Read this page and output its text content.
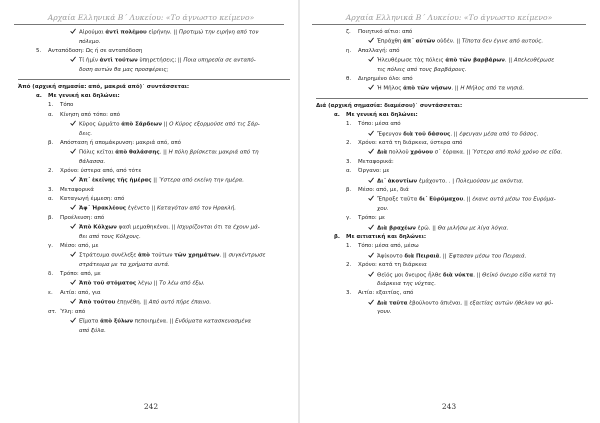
Αρχαία Ελληνικά Β΄ Λυκείου: «Το άγνωστο κείμενο»
Αἰρούμαι ἀντὶ πολέμου εἰρήνην. || Προτιμώ την ειρήνη από τον
πόλεμο.
5. Ανταπόδοση: Ως ή σε ανταπόδοση
Τί ἡμῖν ἀντὶ τούτων ὑπηρετήσεις; || Ποια υπηρεσία σε ανταπό-
δοση αυτών θα μας προσφέρεις;
Ἀπό (αρχική σημασία: από, μακριά από)˙ συντάσσεται:
α. Με γενική και δηλώνει:
1. Τόπο
α. Κίνηση από τόπο: από
Κῦρος ὡρμᾶτο ἀπὸ Σάρδεων || Ο Κύρος εξορμούσε από τις Σάρ-
δεις.
β. Απόσταση ή απομάκρυνση: μακριά από, από
Πόλις κεῖται ἀπὸ θαλάσσης. || Η πόλη βρίσκεται μακριά από τη
θάλασσα.
2. Χρόνο: ύστερα από, από τότε
Ἀπ΄ ἐκείνης τῆς ἡμέρας || Ύστερα από εκείνη την ημέρα.
3. Μεταφορικά
α. Καταγωγή έμμεση: από
Ἀφ΄ Ἡρακλέους ἐγένετο || Καταγόταν από τον Ηρακλή.
β. Προέλευση: από
Ἀπὸ Κόλχων φασὶ μεμαθηκέναι. || Ισχυρίζονται ότι τα έχουν μά-
θει από τους Κόλχους.
γ. Μέσο: από, με
Στράτευμα συνέλεξε ἀπὸ τούτων τῶν χρημάτων. || συγκέντρωσε
στράτευμα με τα χρήματα αυτά.
δ. Τρόπο: από, με
Ἀπὸ τοῦ στόματος λέγω || Το λέω από έξω.
ε. Αιτία: από, για
Ἀπὸ τούτου ἐπῃνέθη. || Από αυτό πήρε έπαινο.
στ. Ύλη: από
Εἵματα ἀπὸ ξύλων πεποιημένα. || Ενδύματα κατασκευασμένα
από ξύλα.
242
Αρχαία Ελληνικά Β΄ Λυκείου: «Το άγνωστο κείμενο»
ζ. Ποιητικό αίτιο: από
Ἐπράχθη ἀπ΄ αὐτῶν οὐδέν. || Τίποτα δεν έγινε από αυτούς.
η. Απαλλαγή: από
Ἠλευθέρωσε τὰς πόλεις ἀπὸ τῶν βαρβάρων. || Απελευθέρωσε
τις πόλεις από τους βαρβάρους.
θ. Διηρημένο όλο: από
Ἡ Μῆλος ἀπὸ τῶν νήσων. || Η Μήλος από τα νησιά.
Διά (αρχική σημασία: διαμέσου)˙ συντάσσεται:
α. Με γενική και δηλώνει:
1. Τόπο: μέσα από
Ἔφευγον διὰ τοῦ δάσους. || έφευγαν μέσα από το δάσος.
2. Χρόνο: κατά τη διάρκεια, ύστερα από
Διὰ πολλοῦ χρόνου σ΄ ἑόρακα. || Ύστερα από πολύ χρόνο σε είδα.
3. Μεταφορικά:
α. Όργανο: με
Δι΄ ἀκοντίων ἐμάχοντο. . | Πολεμούσαν με ακόντια.
β. Μέσο: από, με, διά
Ἔπραξε ταῦτα δι΄ Εὐρύμαχου. || έκανε αυτά μέσω του Ευρύμα-
χου.
γ. Τρόπο: με
Διὰ βραχέων ἐρῶ. || Θα μιλήσω με λίγα λόγια.
β. Με αιτιατική και δηλώνει:
1. Τόπο: μέσα από, μέσω
Ἀφίκοντο διὰ Πειραιᾶ. || Έφτασαν μέσω του Πειραιά.
2. Χρόνο: κατά τη διάρκεια
Θεῖός μοι ὄνειρος ἦλθε διὰ νύκτα. || Θεϊκό όνειρο είδα κατά τη
διάρκεια της νύχτας.
3. Αιτία: εξαιτίας, από
Διὰ ταῦτα ἐβούλοντο ἀπιέναι. || εξαιτίας αυτών ήθελαν να φύ-
γουν.
243
